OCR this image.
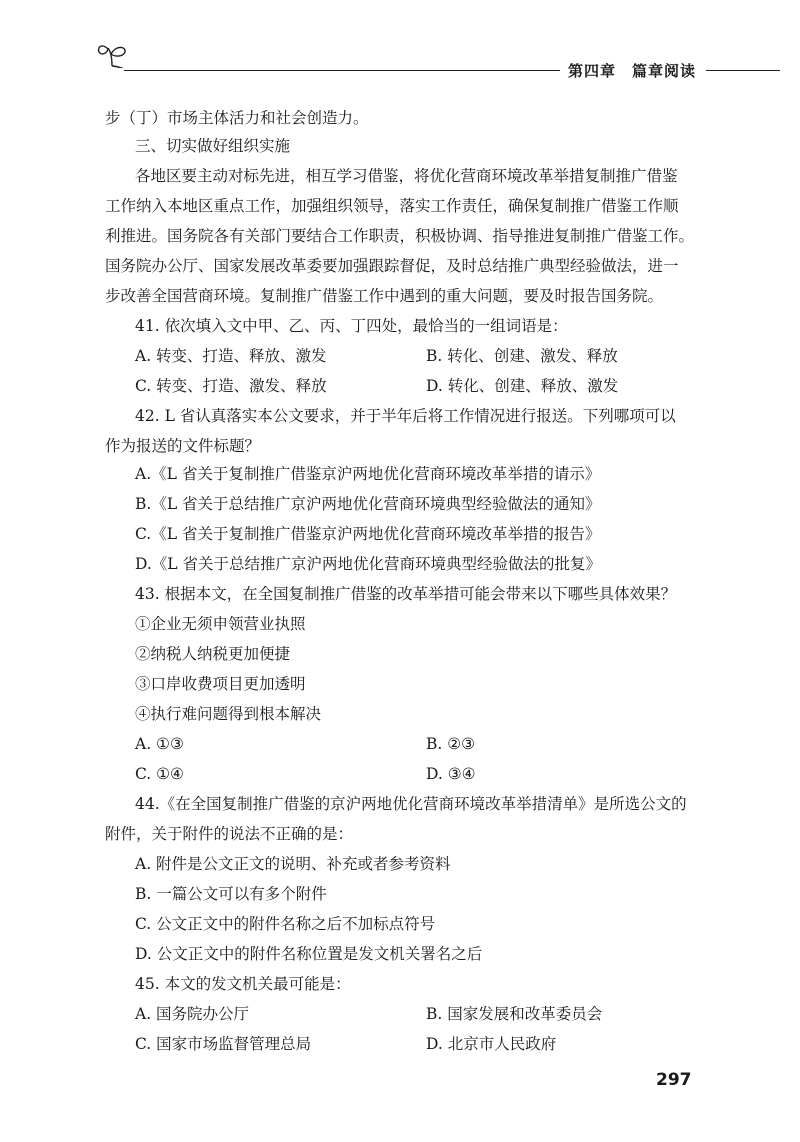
第四章 篇章阅读
步（丁）市场主体活力和社会创造力。
三、切实做好组织实施
各地区要主动对标先进，相互学习借鉴，将优化营商环境改革举措复制推广借鉴
工作纳入本地区重点工作，加强组织领导，落实工作责任，确保复制推广借鉴工作顺
利推进。国务院各有关部门要结合工作职责，积极协调、指导推进复制推广借鉴工作。
国务院办公厅、国家发展改革委要加强跟踪督促，及时总结推广典型经验做法，进一
步改善全国营商环境。复制推广借鉴工作中遇到的重大问题，要及时报告国务院。
41. 依次填入文中甲、乙、丙、丁四处，最恰当的一组词语是：
A. 转变、打造、释放、激发	B. 转化、创建、激发、释放
C. 转变、打造、激发、释放	D. 转化、创建、释放、激发
42. L 省认真落实本公文要求，并于半年后将工作情况进行报送。下列哪项可以
作为报送的文件标题？
A.《L 省关于复制推广借鉴京沪两地优化营商环境改革举措的请示》
B.《L 省关于总结推广京沪两地优化营商环境典型经验做法的通知》
C.《L 省关于复制推广借鉴京沪两地优化营商环境改革举措的报告》
D.《L 省关于总结推广京沪两地优化营商环境典型经验做法的批复》
43. 根据本文，在全国复制推广借鉴的改革举措可能会带来以下哪些具体效果？
①企业无须申领营业执照
②纳税人纳税更加便捷
③口岸收费项目更加透明
④执行难问题得到根本解决
A. ①③	B. ②③
C. ①④	D. ③④
44.《在全国复制推广借鉴的京沪两地优化营商环境改革举措清单》是所选公文的
附件，关于附件的说法不正确的是：
A. 附件是公文正文的说明、补充或者参考资料
B. 一篇公文可以有多个附件
C. 公文正文中的附件名称之后不加标点符号
D. 公文正文中的附件名称位置是发文机关署名之后
45. 本文的发文机关最可能是：
A. 国务院办公厅	B. 国家发展和改革委员会
C. 国家市场监督管理总局	D. 北京市人民政府
297
